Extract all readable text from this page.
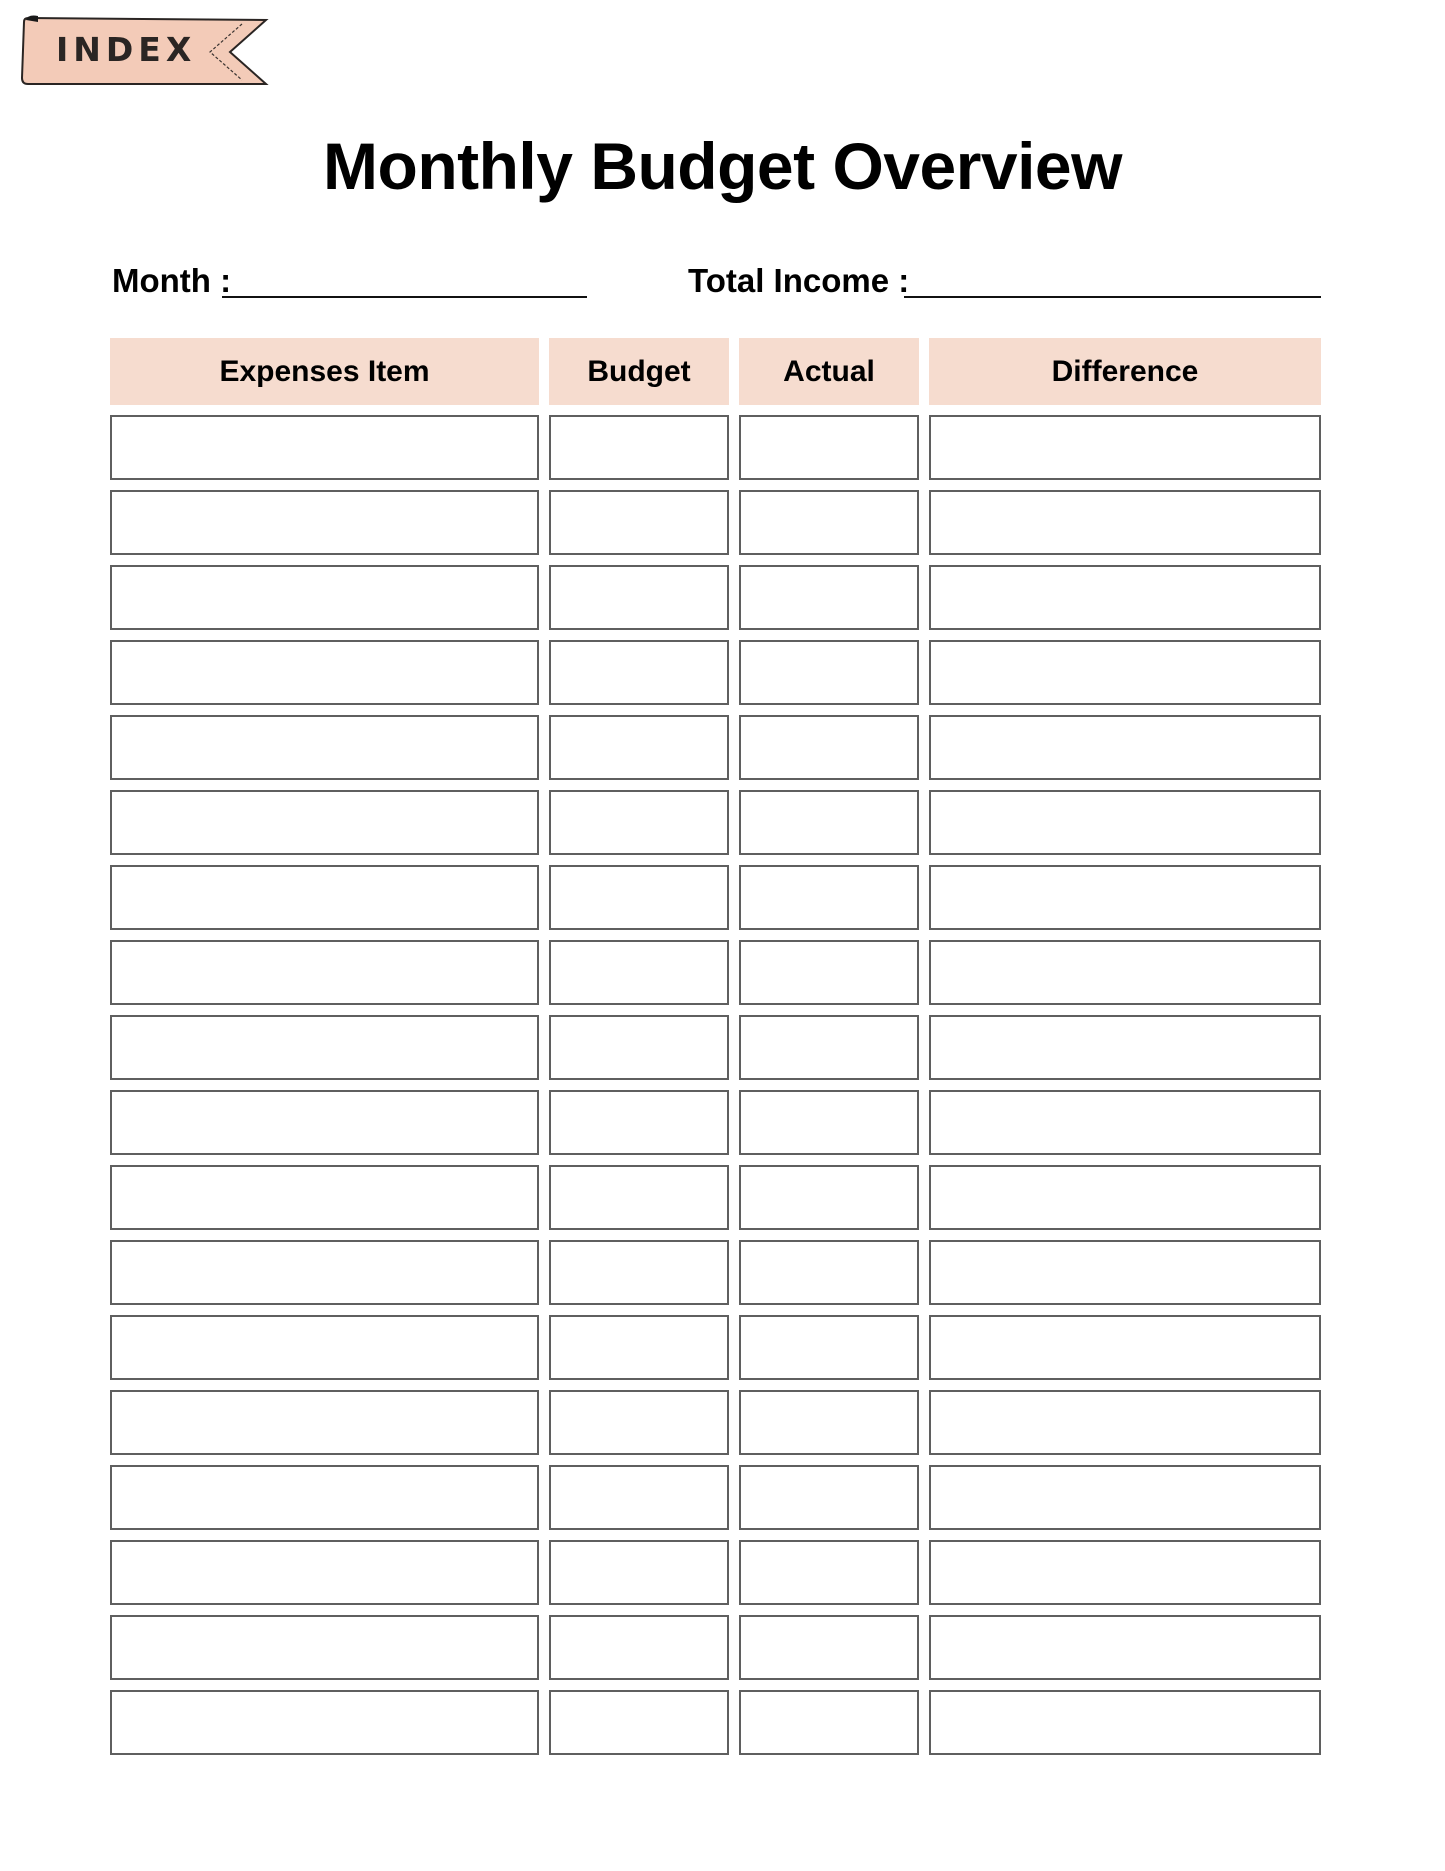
INDEX
Monthly Budget Overview
Month :	Total Income :
Expenses Item	Budget	Actual	Difference
